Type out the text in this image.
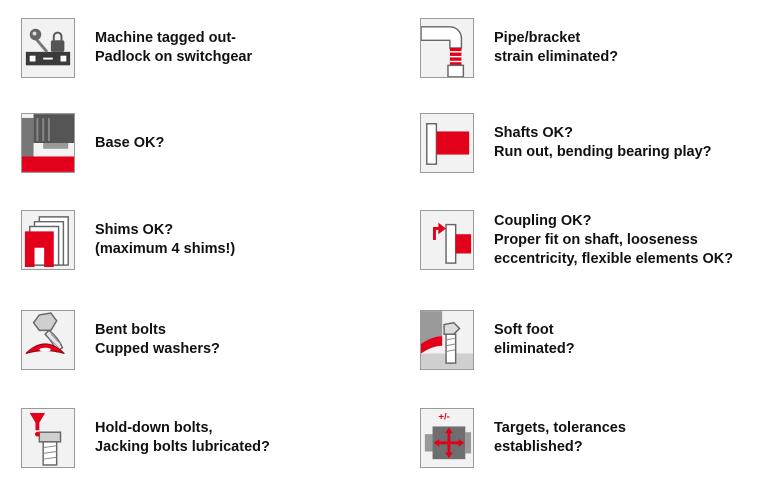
Machine tagged out-
Padlock on switchgear
Base OK?
Shims OK?
(maximum 4 shims!)
Bent bolts
Cupped washers?
Hold-down bolts,
Jacking bolts lubricated?
Pipe/bracket
strain eliminated?
Shafts OK?
Run out, bending bearing play?
Coupling OK?
Proper fit on shaft, looseness
eccentricity, flexible elements OK?
Soft foot
eliminated?
+/-
Targets, tolerances
established?
